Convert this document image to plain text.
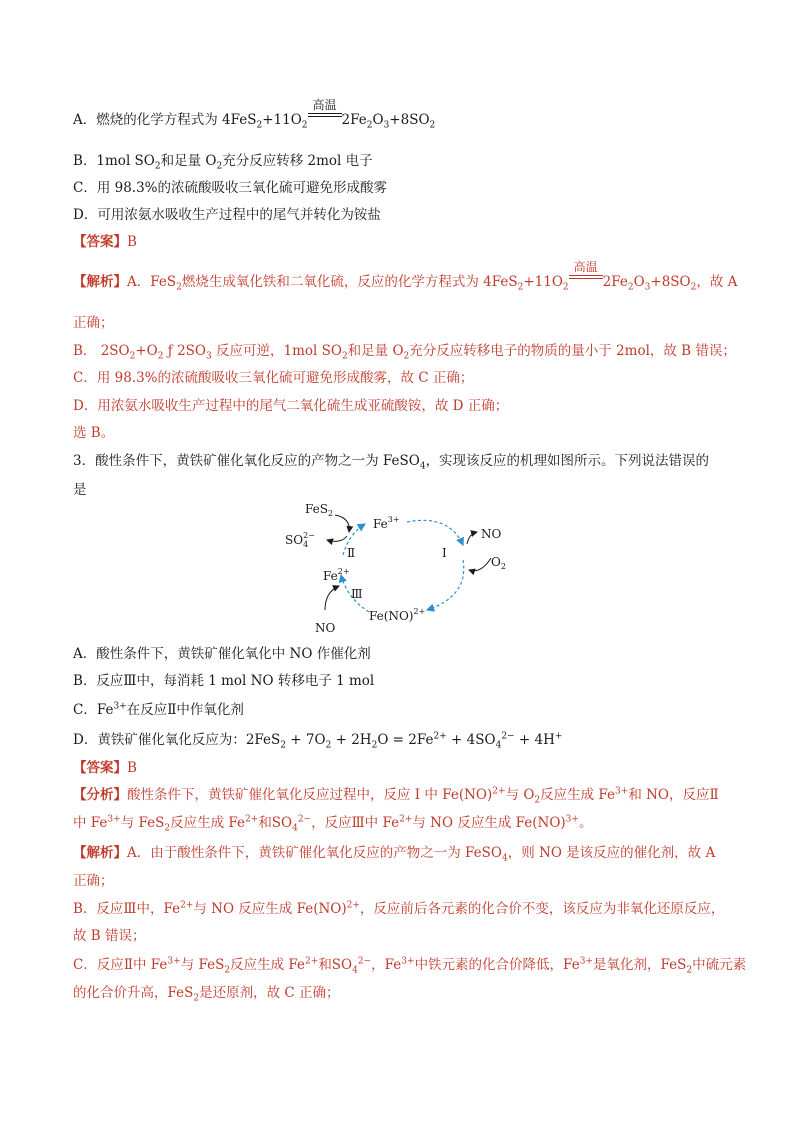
A．燃烧的化学方程式为 $4FeS_2+11O_2$
高温
$2Fe_2O_3+8SO_2$
B．1mol $SO_2$和足量 $O_2$充分反应转移 2mol 电子
C．用 98.3%的浓硫酸吸收三氧化硫可避免形成酸雾
D．可用浓氨水吸收生产过程中的尾气并转化为铵盐
【答案】B
【解析】A．FeS$_2$燃烧生成氧化铁和二氧化硫，反应的化学方程式为 $4FeS_2+11O_2$
高温
$2Fe_2O_3+8SO_2$，故 A
正确；
B． $2SO_2+O_2$ ƒ $2SO_3$ 反应可逆，1mol $SO_2$和足量 $O_2$充分反应转移电子的物质的量小于 2mol，故 B 错误；
C．用 98.3%的浓硫酸吸收三氧化硫可避免形成酸雾，故 C 正确；
D．用浓氨水吸收生产过程中的尾气二氧化硫生成亚硫酸铵，故 D 正确；
选 B。
3．酸性条件下，黄铁矿催化氧化反应的产物之一为 FeSO$_4$，实现该反应的机理如图所示。下列说法错误的
是
FeS$_2$
$SO_42-$
$Fe^{3+}$
Ⅱ	I
NO
$O_2$
$Fe^{2+}$
Ⅲ
Fe(NO)$^{2+}$
NO
A．酸性条件下，黄铁矿催化氧化中 NO 作催化剂
B．反应Ⅲ中，每消耗 1 mol NO 转移电子 1 mol
C．$Fe^{3+}$在反应Ⅱ中作氧化剂
D．黄铁矿催化氧化反应为：$2FeS_2 + 7O_2 + 2H_2O = 2Fe^{2+} + 4SO_4^{2-} + 4H^+$
【答案】B
【分析】酸性条件下，黄铁矿催化氧化反应过程中，反应 I 中 Fe(NO)$^{2+}$与 $O_2$反应生成 $Fe^{3+}$和 NO，反应Ⅱ
中 $Fe^{3+}$与 FeS$_2$反应生成 $Fe^{2+}$和$SO_4^{2-}$，反应Ⅲ中 $Fe^{2+}$与 NO 反应生成 Fe(NO)$^{3+}$。
【解析】A．由于酸性条件下，黄铁矿催化氧化反应的产物之一为 FeSO$_4$，则 NO 是该反应的催化剂，故 A
正确；
B．反应Ⅲ中，$Fe^{2+}$与 NO 反应生成 Fe(NO)$^{2+}$，反应前后各元素的化合价不变，该反应为非氧化还原反应，
故 B 错误；
C．反应Ⅱ中 $Fe^{3+}$与 FeS$_2$反应生成 $Fe^{2+}$和$SO_4^{2-}$，$Fe^{3+}$中铁元素的化合价降低，$Fe^{3+}$是氧化剂，FeS$_2$中硫元素
的化合价升高，FeS$_2$是还原剂，故 C 正确；
